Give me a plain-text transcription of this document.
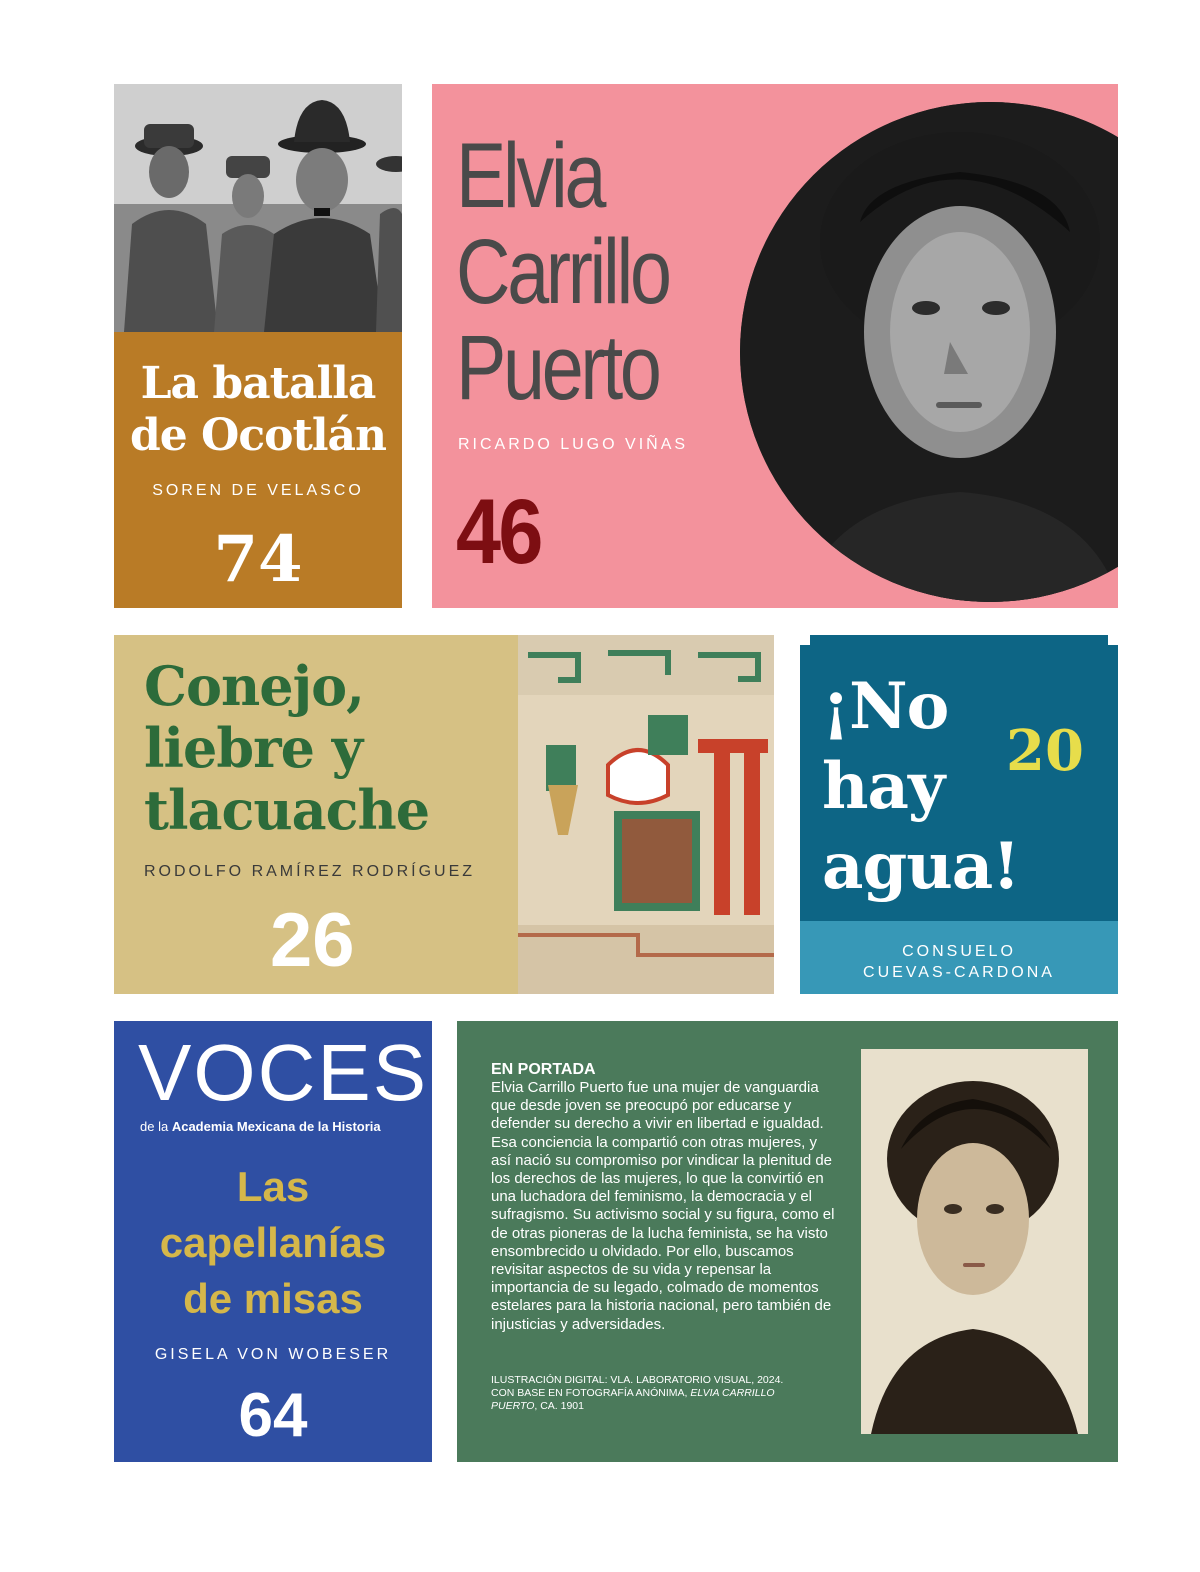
La batalla
de Ocotlán
SOREN DE VELASCO
74
Elvia
Carrillo
Puerto
RICARDO LUGO VIÑAS
46
Conejo,
liebre y
tlacuache
RODOLFO RAMÍREZ RODRÍGUEZ
26
¡No
hay
agua!
20
CONSUELO
CUEVAS-CARDONA
VOCES
de la Academia Mexicana de la Historia
Las
capellanías
de misas
GISELA VON WOBESER
64
EN PORTADA
Elvia Carrillo Puerto fue una mujer de vanguardia que desde joven se preocupó por educarse y defender su derecho a vivir en libertad e igualdad. Esa conciencia la compartió con otras mujeres, y así nació su compromiso por vindicar la plenitud de los derechos de las mujeres, lo que la convirtió en una luchadora del feminismo, la democracia y el sufragismo. Su activismo social y su figura, como el de otras pioneras de la lucha feminista, se ha visto ensombrecido u olvidado. Por ello, buscamos revisitar aspectos de su vida y repensar la importancia de su legado, colmado de momentos estelares para la historia nacional, pero también de injusticias y adversidades.
ILUSTRACIÓN DIGITAL: VLA. LABORATORIO VISUAL, 2024. CON BASE EN FOTOGRAFÍA ANÓNIMA, ELVIA CARRILLO PUERTO, CA. 1901
